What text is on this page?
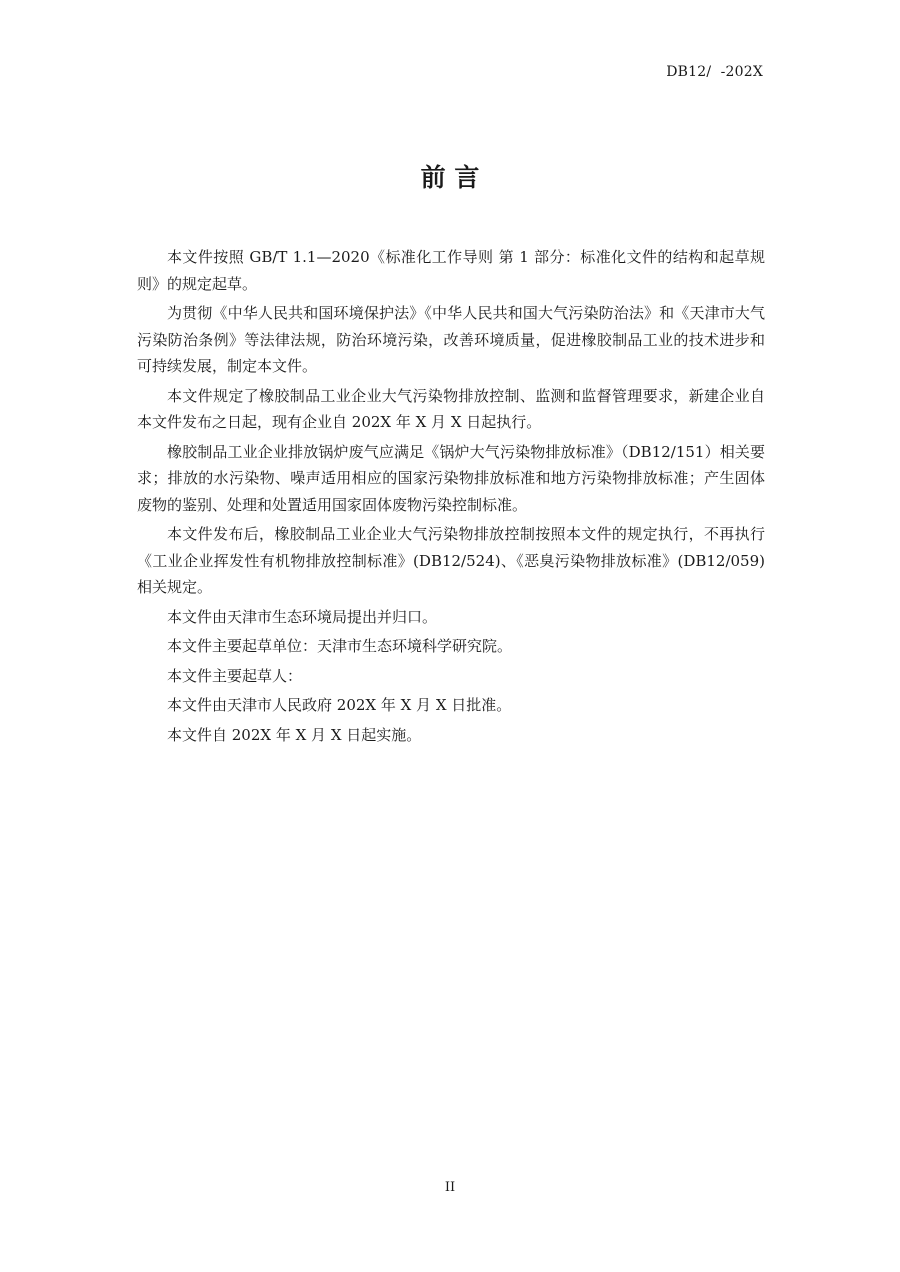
DB12/  -202X
前 言

本文件按照 GB/T 1.1—2020《标准化工作导则 第 1 部分：标准化文件的结构和起草规则》的规定起草。

为贯彻《中华人民共和国环境保护法》《中华人民共和国大气污染防治法》和《天津市大气污染防治条例》等法律法规，防治环境污染，改善环境质量，促进橡胶制品工业的技术进步和可持续发展，制定本文件。

本文件规定了橡胶制品工业企业大气污染物排放控制、监测和监督管理要求，新建企业自本文件发布之日起，现有企业自 202X 年 X 月 X 日起执行。

橡胶制品工业企业排放锅炉废气应满足《锅炉大气污染物排放标准》（DB12/151）相关要求；排放的水污染物、噪声适用相应的国家污染物排放标准和地方污染物排放标准；产生固体废物的鉴别、处理和处置适用国家固体废物污染控制标准。

本文件发布后，橡胶制品工业企业大气污染物排放控制按照本文件的规定执行，不再执行《工业企业挥发性有机物排放控制标准》(DB12/524)、《恶臭污染物排放标准》(DB12/059)相关规定。

本文件由天津市生态环境局提出并归口。

本文件主要起草单位：天津市生态环境科学研究院。

本文件主要起草人：

本文件由天津市人民政府 202X 年 X 月 X 日批准。

本文件自 202X 年 X 月 X 日起实施。

II
